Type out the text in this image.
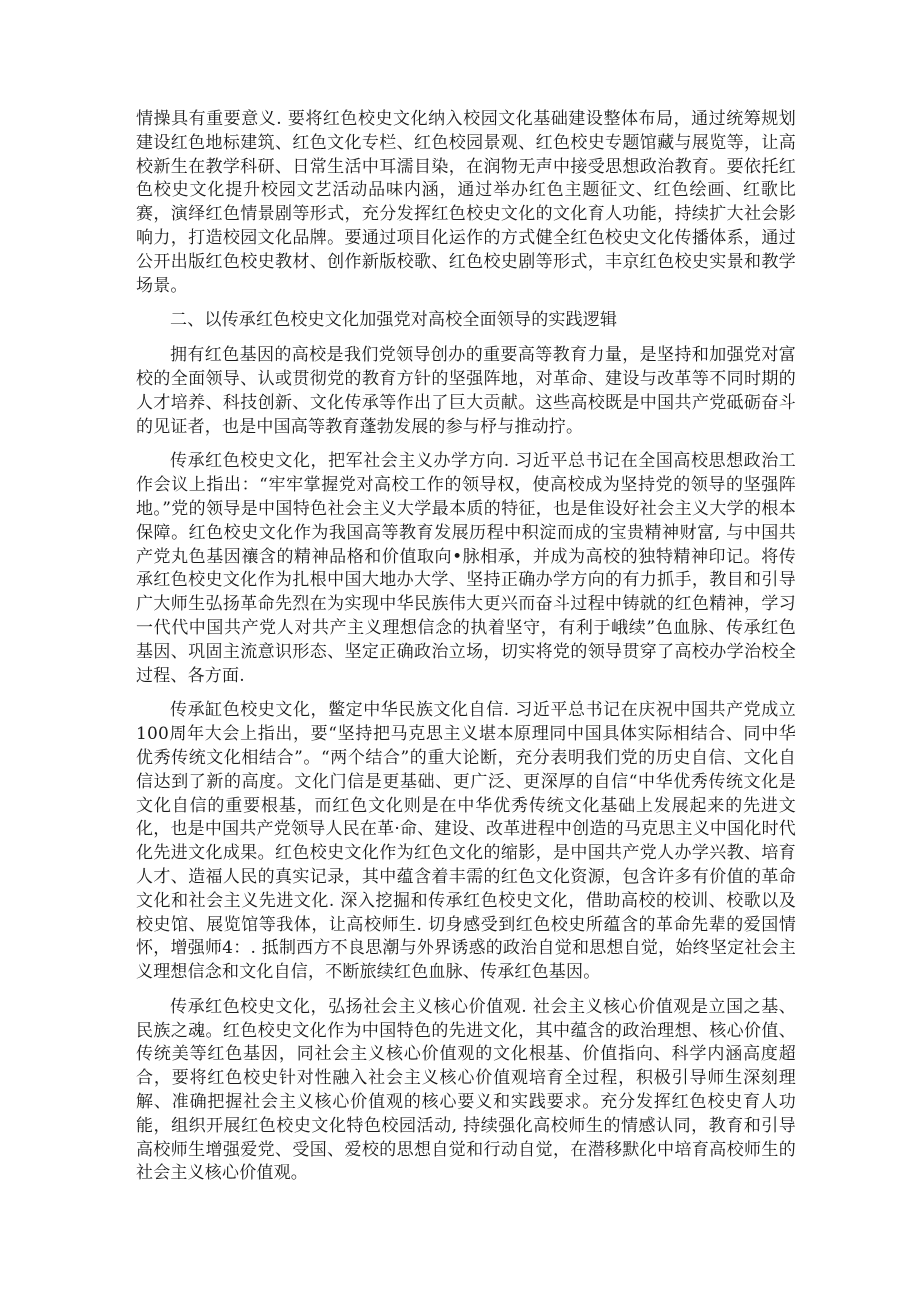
情操具有重要意义. 要将红色校史文化纳入校园文化基础建设整体布局，通过统筹规划建设红色地标建筑、红色文化专栏、红色校园景观、红色校史专题馆藏与展览等，让高校新生在教学科研、日常生活中耳濡目染，在润物无声中接受思想政治教育。要依托红色校史文化提升校园文艺活动品味内涵，通过举办红色主题征文、红色绘画、红歌比赛，演绎红色情景剧等形式，充分发挥红色校史文化的文化育人功能，持续扩大社会影响力，打造校园文化品牌。要通过项目化运作的方式健全红色校史文化传播体系，通过公开出版红色校史教材、创作新版校歌、红色校史剧等形式，丰京红色校史实景和教学场景。

二、以传承红色校史文化加强党对高校全面领导的实践逻辑

拥有红色基因的高校是我们党领导创办的重要高等教育力量，是坚持和加强党对富校的全面领导、认或贯彻党的教育方针的坚强阵地，对革命、建设与改革等不同时期的人才培养、科技创新、文化传承等作出了巨大贡献。这些高校既是中国共产党砥砺奋斗的见证者，也是中国高等教育蓬勃发展的参与杼与推动拧。

传承红色校史文化，把军社会主义办学方向. 习近平总书记在全国高校思想政治工作会议上指出：“牢牢掌握党对高校工作的领导权，使高校成为坚持党的领导的坚强阵地。”党的领导是中国特色社会主义大学最本质的特征，也是隹设好社会主义大学的根本保障。红色校史文化作为我国高等教育发展历程中积淀而成的宝贵精神财富, 与中国共产党丸色基因禳含的精神品格和价值取向•脉相承，并成为高校的独特精神印记。将传承红色校史文化作为扎根中国大地办大学、坚持正确办学方向的有力抓手，教目和引导广大师生弘扬革命先烈在为实现中华民族伟大更兴而奋斗过程中铸就的红色精神，学习一代代中国共产党人对共产主义理想信念的执着坚守，有利于峨续”色血脉、传承红色基因、巩固主流意识形态、坚定正确政治立场，切实将党的领导贯穿了高校办学治校全过程、各方面.

传承缸色校史文化，鳖定中华民族文化自信. 习近平总书记在庆祝中国共产党成立100周年大会上指出，要“坚持把马克思主义堪本原理同中国具体实际相结合、同中华优秀传统文化相结合”。“两个结合”的重大论断，充分表明我们党的历史自信、文化自信达到了新的高度。文化门信是更基础、更广泛、更深厚的自信“中华优秀传统文化是文化自信的重要根基，而红色文化则是在中华优秀传统文化基础上发展起来的先进文化，也是中国共产党领导人民在革·命、建设、改革进程中创造的马克思主义中国化时代化先进文化成果。红色校史文化作为红色文化的缩影，是中国共产党人办学兴教、培育人才、造福人民的真实记录，其中蕴含着丰需的红色文化资源，包含许多有价值的革命文化和社会主义先进文化. 深入挖掘和传承红色校史文化，借助高校的校训、校歌以及校史馆、展览馆等我体，让高校师生. 切身感受到红色校史所蕴含的革命先辈的爱国情怀，增强师4：. 抵制西方不良思潮与外界诱惑的政治自觉和思想自觉，始终坚定社会主义理想信念和文化自信，不断旅续红色血脉、传承红色基因。

传承红色校史文化，弘扬社会主义核心价值观. 社会主义核心价值观是立国之基、民族之魂。红色校史文化作为中国特色的先进文化，其中蕴含的政治理想、核心价值、传统美等红色基因，同社会主义核心价值观的文化根基、价值指向、科学内涵高度超合，要将红色校史针对性融入社会主义核心价值观培育全过程，积极引导师生深刻理解、准确把握社会主义核心价值观的核心要义和实践要求。充分发挥红色校史育人功能，组织开展红色校史文化特色校园活动, 持续强化高校师生的情感认同，教育和引导高校师生增强爱党、受国、爱校的思想自觉和行动自觉，在潜移默化中培育高校师生的社会主义核心价值观。
